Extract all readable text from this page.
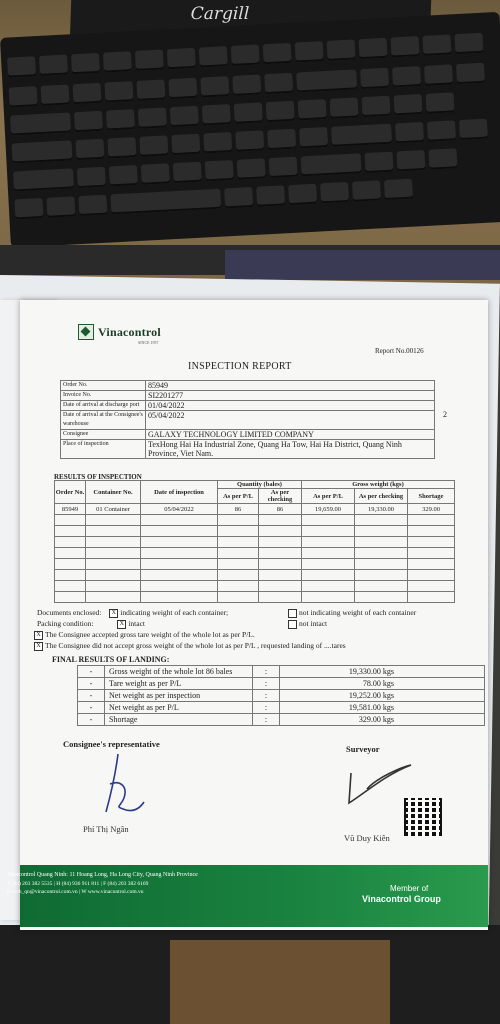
Cargill
Vinacontrol
SINCE 1957
Report No.00126
INSPECTION REPORT
Order No.	85949
Invoice No.	SI2201277
Date of arrival at discharge port	01/04/2022
Date of arrival at the Consignee's warehouse	05/04/2022
Consignee	GALAXY TECHNOLOGY LIMITED COMPANY
Place of inspection	TexHong Hai Ha Industrial Zone, Quang Ha Tow, Hai Ha District, Quang Ninh Province, Viet Nam.
2
RESULTS OF INSPECTION
Order No.	Container No.	Date of inspection	Quantity (bales)		Gross weight (kgs)		
			As per P/L	As per checking	As per P/L	As per checking	Shortage
85949	01 Container	05/04/2022	86	86	19,659.00	19,330.00	329.00

Documents enclosed: X indicating weight of each container;	not indicating weight of each container
Packing condition:	X intact	not intact
X The Consignee accepted gross tare weight of the whole lot as per P/L.
X The Consignee did not accept gross weight of the whole lot as per P/L , requested landing of ....tares
FINAL RESULTS OF LANDING:
-	Gross weight of the whole lot 86 bales	:	19,330.00 kgs
-	Tare weight as per P/L	:	78.00 kgs
-	Net weight as per inspection	:	19,252.00 kgs
-	Net weight as per P/L	:	19,581.00 kgs
-	Shortage	:	329.00 kgs
Consignee's representative	Surveyor
Phí Thị Ngân
Vũ Duy Kiên
Vinacontrol Quang Ninh: 11 Hoang Long, Ha Long City, Quang Ninh Province
T (84) 203 382 5535 | H (84) 936 911 811 | F (84) 203 382 6169
E nvth_qn@vinacontrol.com.vn | W www.vinacontrol.com.vn	Member of
Vinacontrol Group
